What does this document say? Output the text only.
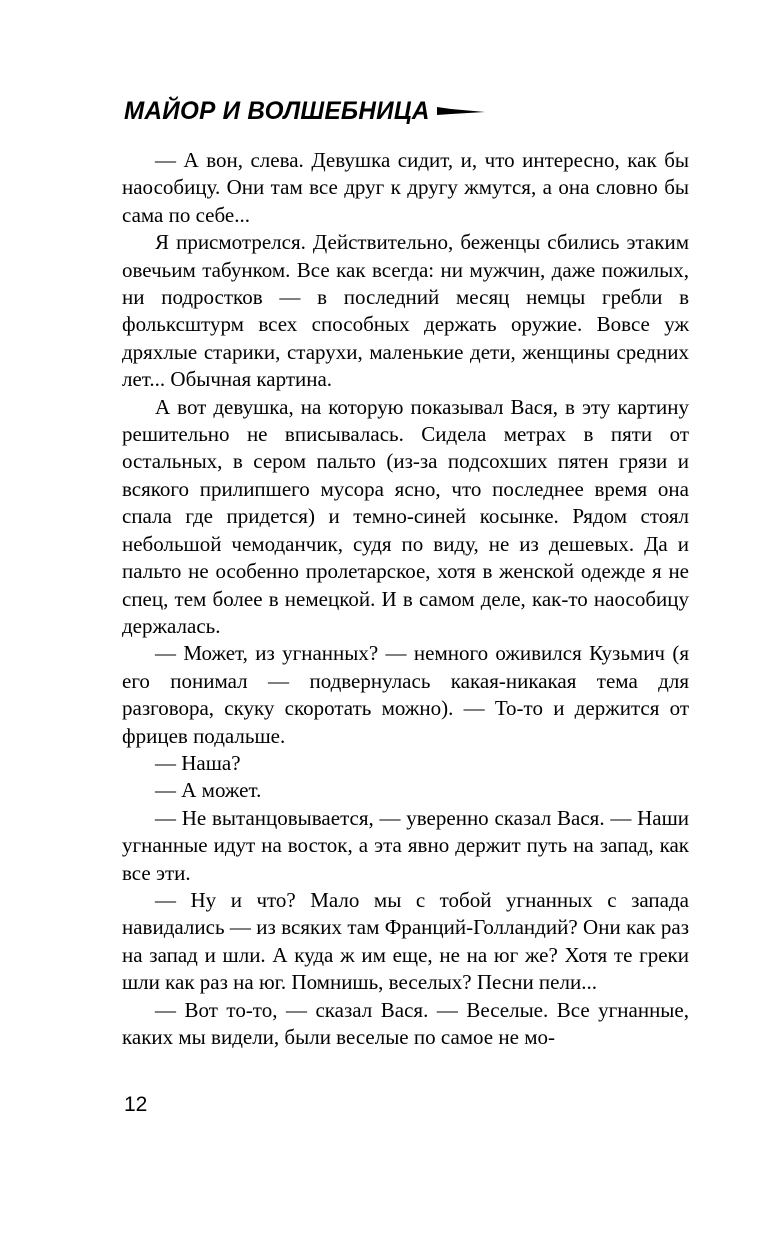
МАЙОР И ВОЛШЕБНИЦА

— А вон, слева. Девушка сидит, и, что интересно, как бы наособицу. Они там все друг к другу жмутся, а она словно бы сама по себе...

Я присмотрелся. Действительно, беженцы сбились этаким овечьим табунком. Все как всегда: ни мужчин, даже пожилых, ни подростков — в последний месяц немцы гребли в фольксштурм всех способных держать оружие. Вовсе уж дряхлые старики, старухи, маленькие дети, женщины средних лет... Обычная картина.

А вот девушка, на которую показывал Вася, в эту картину решительно не вписывалась. Сидела метрах в пяти от остальных, в сером пальто (из-за подсохших пятен грязи и всякого прилипшего мусора ясно, что последнее время она спала где придется) и темно-синей косынке. Рядом стоял небольшой чемоданчик, судя по виду, не из дешевых. Да и пальто не особенно пролетарское, хотя в женской одежде я не спец, тем более в немецкой. И в самом деле, как-то наособицу держалась.

— Может, из угнанных? — немного оживился Кузьмич (я его понимал — подвернулась какая-никакая тема для разговора, скуку скоротать можно). — То-то и держится от фрицев подальше.

— Наша?

— А может.

— Не вытанцовывается, — уверенно сказал Вася. — Наши угнанные идут на восток, а эта явно держит путь на запад, как все эти.

— Ну и что? Мало мы с тобой угнанных с запада навидались — из всяких там Франций-Голландий? Они как раз на запад и шли. А куда ж им еще, не на юг же? Хотя те греки шли как раз на юг. Помнишь, веселых? Песни пели...

— Вот то-то, — сказал Вася. — Веселые. Все угнанные, каких мы видели, были веселые по самое не мо-

12
